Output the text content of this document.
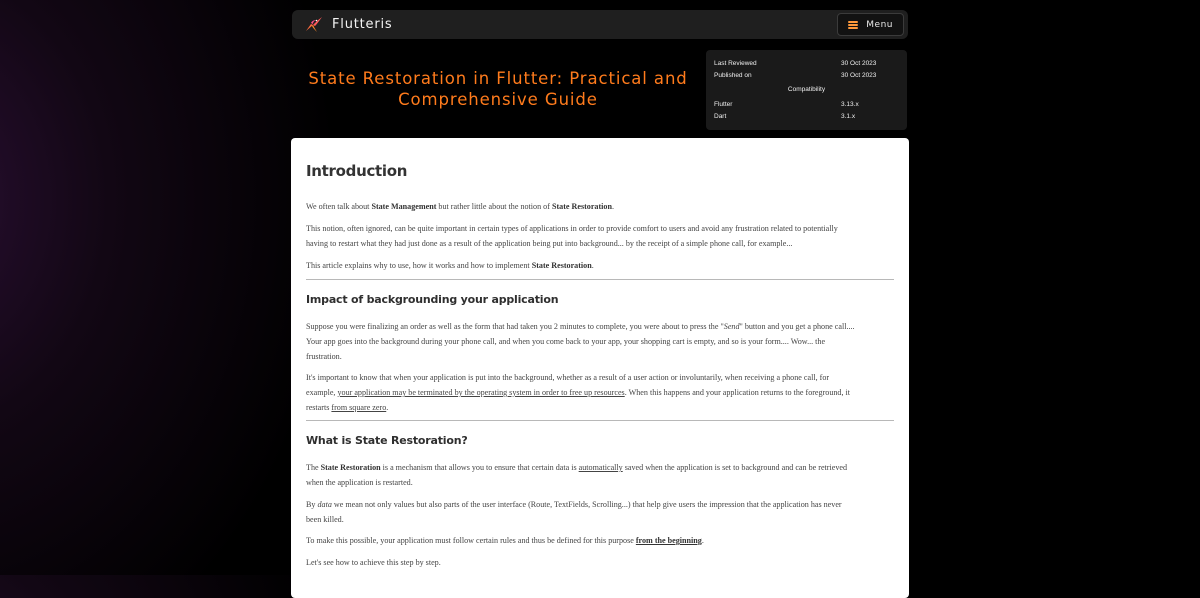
Flutteris	Menu
State Restoration in Flutter: Practical and
Comprehensive Guide
Last Reviewed	30 Oct 2023
Published on	30 Oct 2023
Compatibility
Flutter	3.13.x
Dart	3.1.x
Introduction

We often talk about State Management but rather little about the notion of State Restoration.

This notion, often ignored, can be quite important in certain types of applications in order to provide comfort to users and avoid any frustration related to potentially
having to restart what they had just done as a result of the application being put into background... by the receipt of a simple phone call, for example...

This article explains why to use, how it works and how to implement State Restoration.

Impact of backgrounding your application

Suppose you were finalizing an order as well as the form that had taken you 2 minutes to complete, you were about to press the "Send" button and you get a phone call....
Your app goes into the background during your phone call, and when you come back to your app, your shopping cart is empty, and so is your form.... Wow... the
frustration.

It's important to know that when your application is put into the background, whether as a result of a user action or involuntarily, when receiving a phone call, for
example, your application may be terminated by the operating system in order to free up resources. When this happens and your application returns to the foreground, it
restarts from square zero.

What is State Restoration?

The State Restoration is a mechanism that allows you to ensure that certain data is automatically saved when the application is set to background and can be retrieved
when the application is restarted.

By data we mean not only values but also parts of the user interface (Route, TextFields, Scrolling...) that help give users the impression that the application has never
been killed.

To make this possible, your application must follow certain rules and thus be defined for this purpose from the beginning.

Let's see how to achieve this step by step.
